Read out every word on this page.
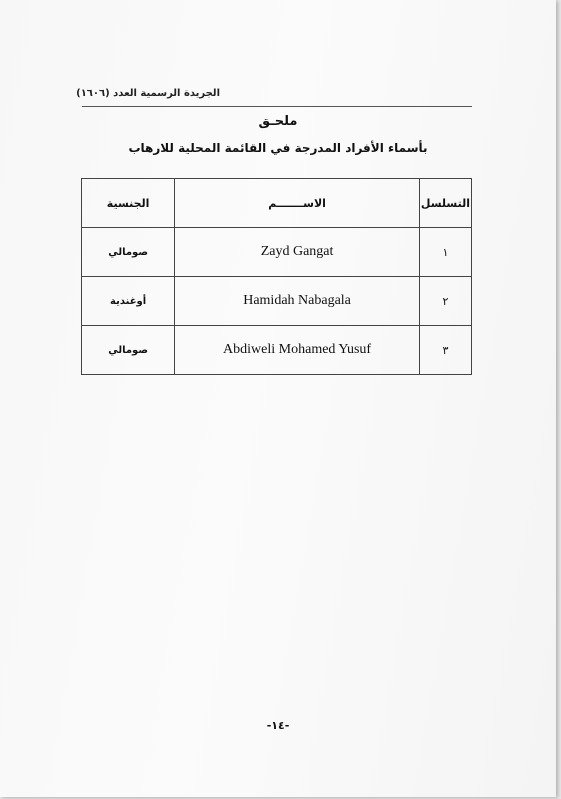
الجريدة الرسمية العدد (١٦٠٦)
ملحـق
بأسماء الأفراد المدرجة في القائمة المحلية للارهاب
التسلسل	الاســـــــم	الجنسية
١	Zayd Gangat	صومالي
٢	Hamidah Nabagala	أوغندية
٣	Abdiweli Mohamed Yusuf	صومالي
-١٤-
